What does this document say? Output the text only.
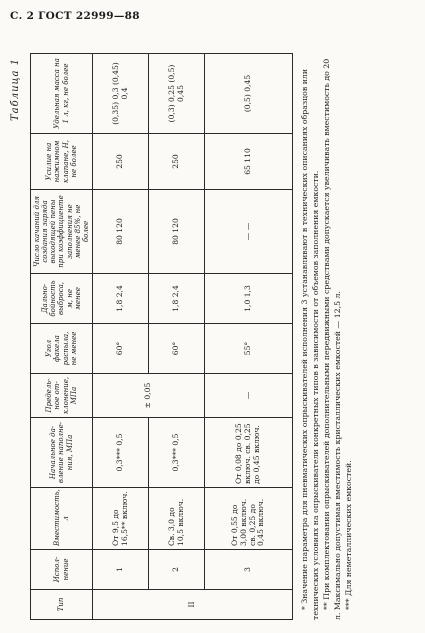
С. 2 ГОСТ 22999—88
Таблица 1
Тип	Испол-нение	Вместимость, л	Начальное да-вление наполне-ния, МПа	Предель-ное от-клонение, МПа	Угол факела распыла, не менее	Дально-бойность выброса, м, не менее	Число качаний для создания заряда выходящей пены при коэффициенте заполнения не менее 85%, не более	Усилие на нажимном клапане, Н, не более	Удельная масса на 1 л, кг, не более
II	1	От 9,5 до 16,5** включ.	0,3*** 0,5	± 0,05	60°	1,8 2,4	80 120	250	(0,35) 0,3 (0,45) 0,4
	2	Св. 3,0 до 10,5 включ.	0,3*** 0,5		60°	1,8 2,4	80 120	250	(0,3) 0,25 (0,5) 0,45
	3	От 0,55 до 3,00 включ. св. 0,25 до 0,45 включ.	От 0,08 до 0,25 включ. св. 0,25 до 0,45 включ.	—	55°	1,0 1,3	— —	65 110	(0,5) 0,45	* Значение параметра для пневматических опрыскивателей исполнения 3 устанавливают в технических описаниях образцов или технических условиях на опрыскиватели конкретных типов в зависимости от объемов заполнения емкости. ** При комплектовании опрыскивателей дополнительными передвижными средствами допускается увеличивать вместимость до 20 л. Максимально допустимая вместимость кристаллических емкостей — 12,5 л. *** Для неметаллических емкостей.
